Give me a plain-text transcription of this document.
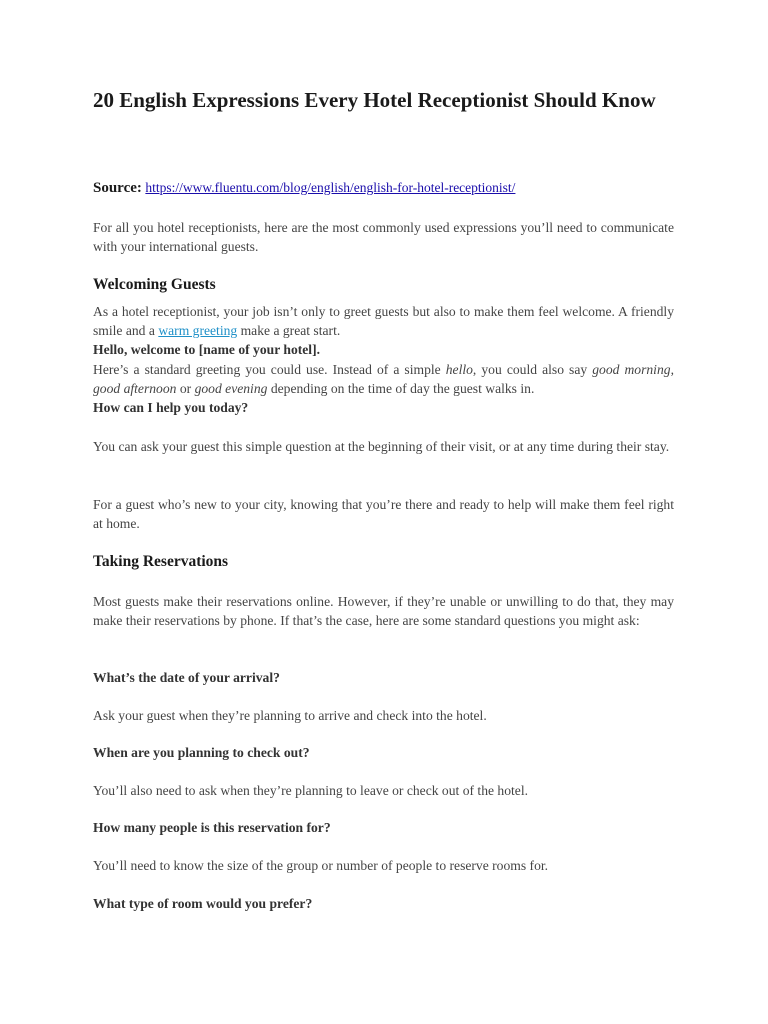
20 English Expressions Every Hotel Receptionist Should Know
Source: https://www.fluentu.com/blog/english/english-for-hotel-receptionist/

For all you hotel receptionists, here are the most commonly used expressions you’ll need to communicate with your international guests.

Welcoming Guests
As a hotel receptionist, your job isn’t only to greet guests but also to make them feel welcome. A friendly smile and a warm greeting make a great start.
Hello, welcome to [name of your hotel].
Here’s a standard greeting you could use. Instead of a simple hello, you could also say good morning, good afternoon or good evening depending on the time of day the guest walks in.
How can I help you today?

You can ask your guest this simple question at the beginning of their visit, or at any time during their stay.

For a guest who’s new to your city, knowing that you’re there and ready to help will make them feel right at home.

Taking Reservations

Most guests make their reservations online. However, if they’re unable or unwilling to do that, they may make their reservations by phone. If that’s the case, here are some standard questions you might ask:

What’s the date of your arrival?

Ask your guest when they’re planning to arrive and check into the hotel.

When are you planning to check out?

You’ll also need to ask when they’re planning to leave or check out of the hotel.

How many people is this reservation for?

You’ll need to know the size of the group or number of people to reserve rooms for.

What type of room would you prefer?
